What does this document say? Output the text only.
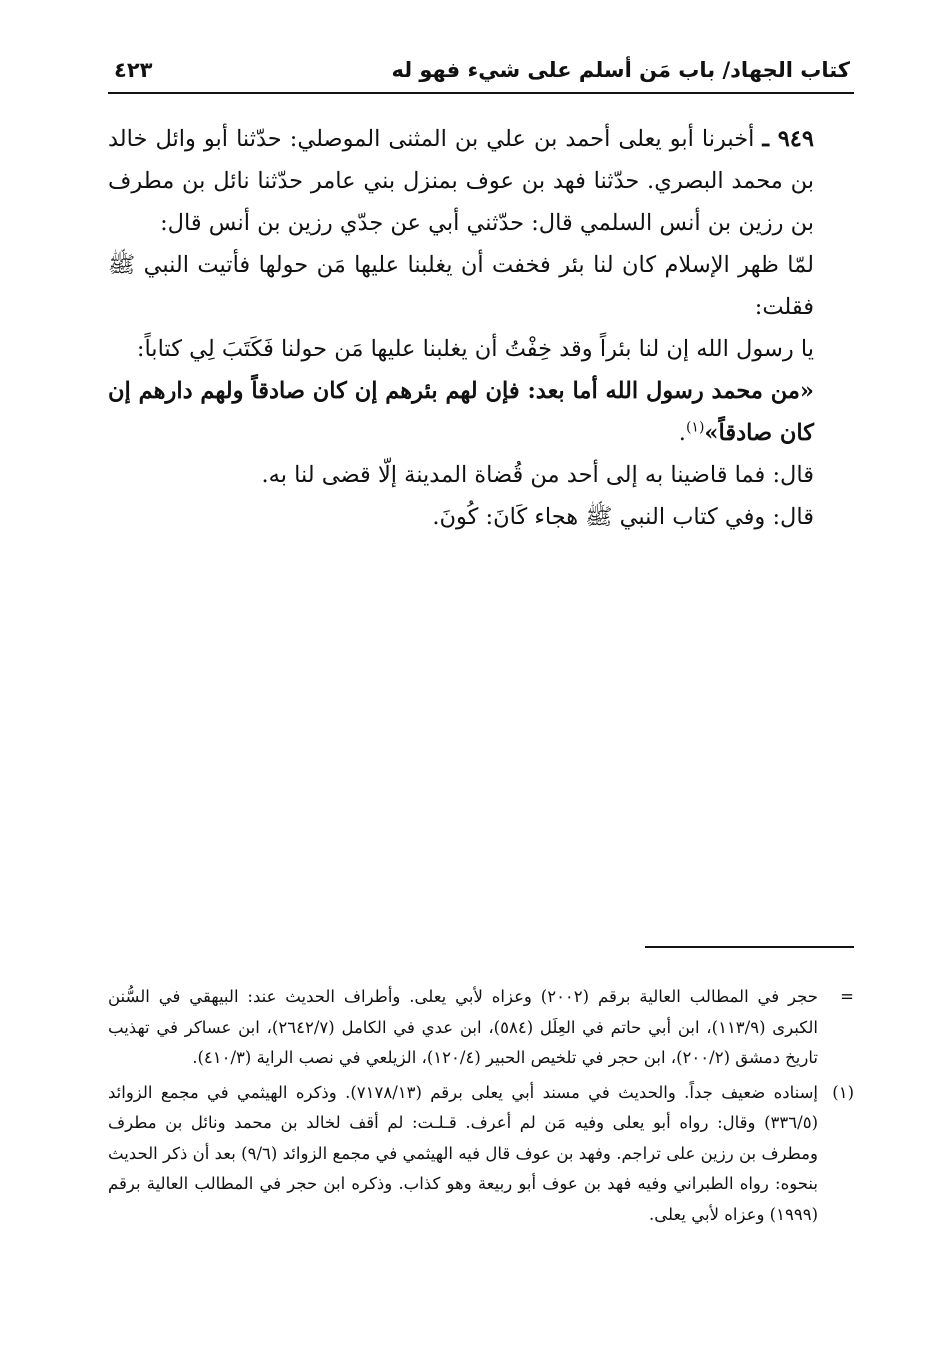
كتاب الجهاد/ باب مَن أسلم على شيء فهو له
٤٢٣

٩٤٩ ـ أخبرنا أبو يعلى أحمد بن علي بن المثنى الموصلي: حدّثنا أبو وائل خالد بن محمد البصري. حدّثنا فهد بن عوف بمنزل بني عامر حدّثنا نائل بن مطرف بن رزين بن أنس السلمي قال: حدّثني أبي عن جدّي رزين بن أنس قال:

لمّا ظهر الإسلام كان لنا بئر فخفت أن يغلبنا عليها مَن حولها فأتيت النبي ﷺ فقلت:

يا رسول الله إن لنا بئراً وقد خِفْتُ أن يغلبنا عليها مَن حولنا فَكَتَبَ لِي كتاباً:

«من محمد رسول الله أما بعد: فإن لهم بئرهم إن كان صادقاً ولهم دارهم إن كان صادقاً»$^{(١)}$.

قال: فما قاضينا به إلى أحد من قُضاة المدينة إلّا قضى لنا به.

قال: وفي كتاب النبي ﷺ هجاء كَانَ: كُونَ.

=
حجر في المطالب العالية برقم (٢٠٠٢) وعزاه لأبي يعلى. وأطراف الحديث عند: البيهقي في السُّنن الكبرى (١١٣/٩)، ابن أبي حاتم في العِلَل (٥٨٤)، ابن عدي في الكامل (٢٦٤٢/٧)، ابن عساكر في تهذيب تاريخ دمشق (٢٠٠/٢)، ابن حجر في تلخيص الحبير (١٢٠/٤)، الزيلعي في نصب الراية (٤١٠/٣).
(١)
إسناده ضعيف جداً. والحديث في مسند أبي يعلى برقم (٧١٧٨/١٣). وذكره الهيثمي في مجمع الزوائد (٣٣٦/٥) وقال: رواه أبو يعلى وفيه مَن لم أعرف. قـلـت: لم أقف لخالد بن محمد ونائل بن مطرف ومطرف بن رزين على تراجم. وفهد بن عوف قال فيه الهيثمي في مجمع الزوائد (٩/٦) بعد أن ذكر الحديث بنحوه: رواه الطبراني وفيه فهد بن عوف أبو ربيعة وهو كذاب. وذكره ابن حجر في المطالب العالية برقم (١٩٩٩) وعزاه لأبي يعلى.
